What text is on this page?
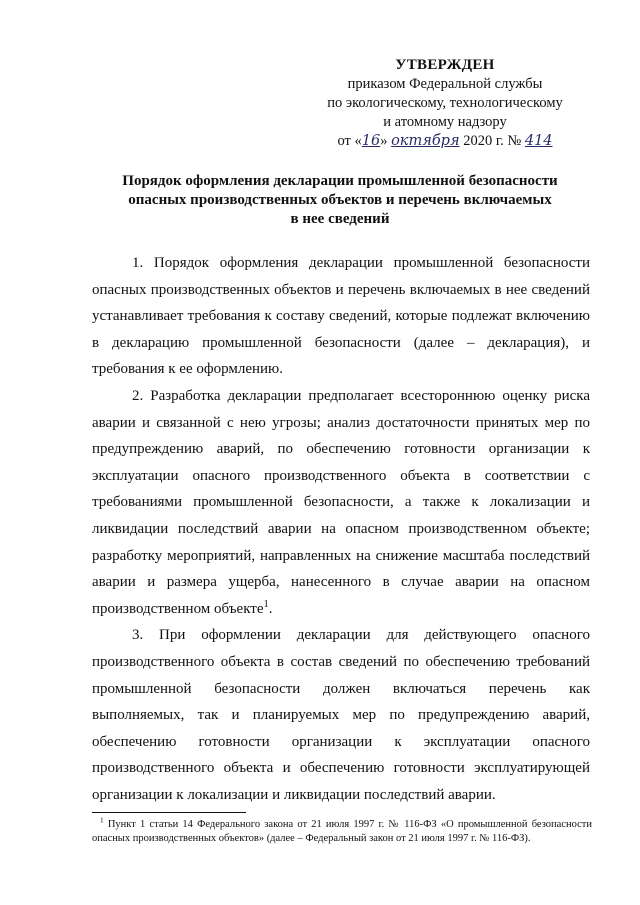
УТВЕРЖДЕН
приказом Федеральной службы
по экологическому, технологическому
и атомному надзору
от «16» октября 2020 г. № 414
Порядок оформления декларации промышленной безопасности
опасных производственных объектов и перечень включаемых
в нее сведений

1. Порядок оформления декларации промышленной безопасности опасных производственных объектов и перечень включаемых в нее сведений устанавливает требования к составу сведений, которые подлежат включению в декларацию промышленной безопасности (далее – декларация), и требования к ее оформлению.

2. Разработка декларации предполагает всестороннюю оценку риска аварии и связанной с нею угрозы; анализ достаточности принятых мер по предупреждению аварий, по обеспечению готовности организации к эксплуатации опасного производственного объекта в соответствии с требованиями промышленной безопасности, а также к локализации и ликвидации последствий аварии на опасном производственном объекте; разработку мероприятий, направленных на снижение масштаба последствий аварии и размера ущерба, нанесенного в случае аварии на опасном производственном объекте$^1$.

3. При оформлении декларации для действующего опасного производственного объекта в состав сведений по обеспечению требований промышленной безопасности должен включаться перечень как выполняемых, так и планируемых мер по предупреждению аварий, обеспечению готовности организации к эксплуатации опасного производственного объекта и обеспечению готовности эксплуатирующей организации к локализации и ликвидации последствий аварии.

$^1$ Пункт 1 статьи 14 Федерального закона от 21 июля 1997 г. № 116-ФЗ «О промышленной безопасности опасных производственных объектов» (далее – Федеральный закон от 21 июля 1997 г. № 116-ФЗ).
